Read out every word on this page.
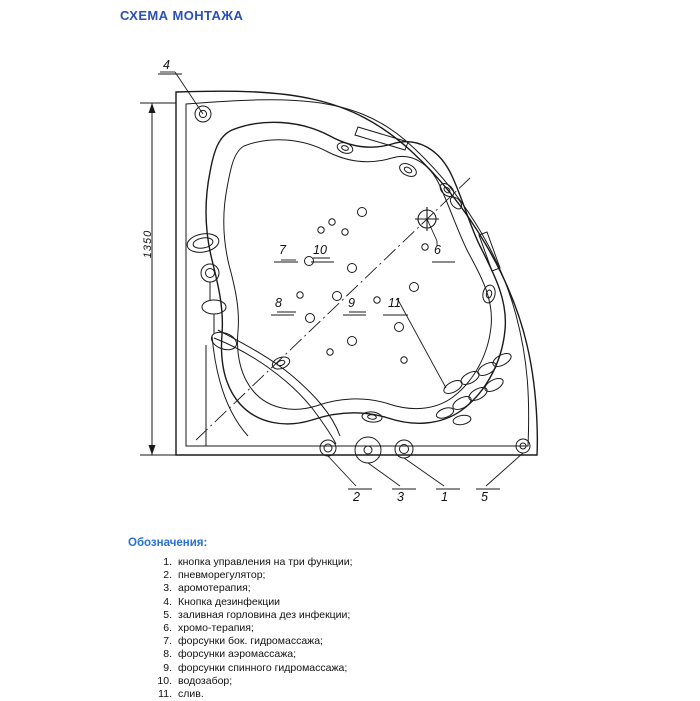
СХЕМА МОНТАЖА
1350
4
7 10	6
8	9	11
2	3	1	5
Обозначения:
1. кнопка управления на три функции;
2. пневморегулятор;
3. аромотерапия;
4. Кнопка дезинфекции
5. заливная горловина дез инфекции;
6. хромо-терапия;
7. форсунки бок. гидромассажа;
8. форсунки аэромассажа;
9. форсунки спинного гидромассажа;
10. водозабор;
11. слив.
